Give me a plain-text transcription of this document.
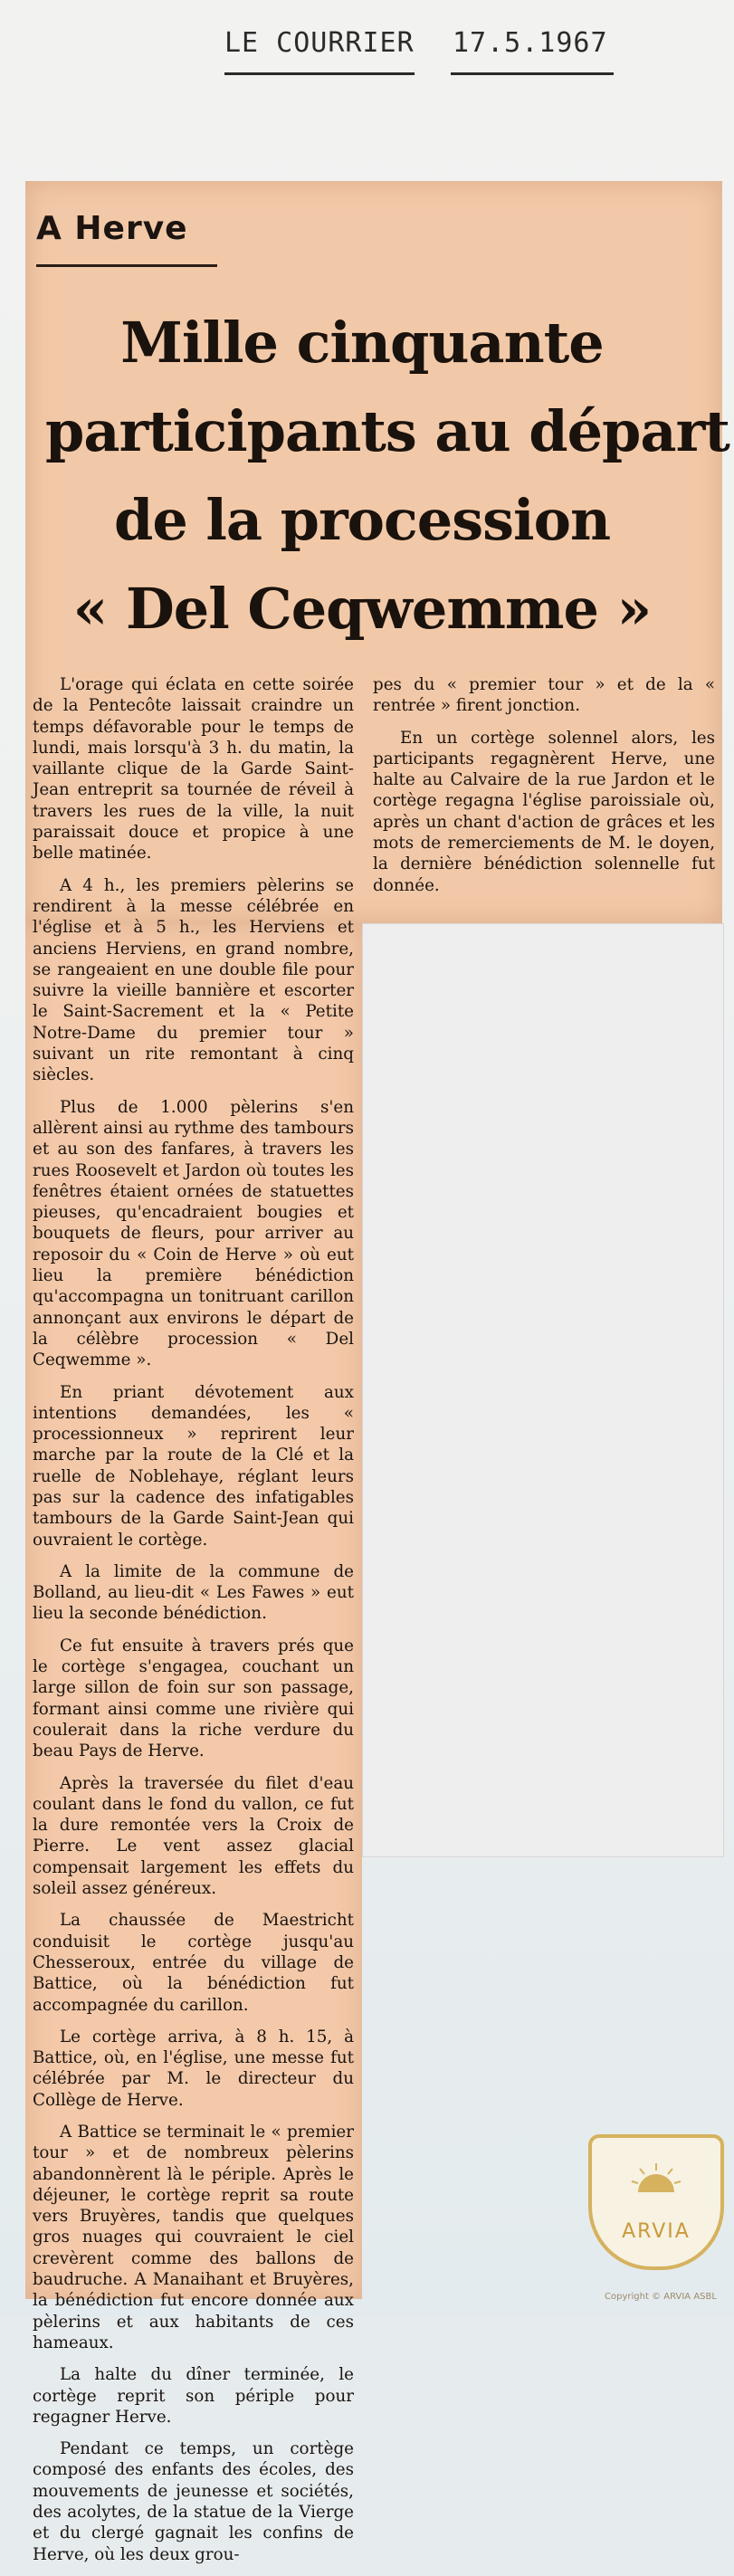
LE COURRIER 17.5.1967
A Herve
Mille cinquante
participants au départ
de la procession
« Del Ceqwemme »

L'orage qui éclata en cette soirée de la Pentecôte laissait craindre un temps défavorable pour le temps de lundi, mais lorsqu'à 3 h. du matin, la vaillante clique de la Garde Saint-Jean entreprit sa tournée de réveil à travers les rues de la ville, la nuit paraissait douce et propice à une belle matinée.

A 4 h., les premiers pèlerins se rendirent à la messe célébrée en l'église et à 5 h., les Herviens et anciens Herviens, en grand nombre, se rangeaient en une double file pour suivre la vieille bannière et escorter le Saint-Sacrement et la « Petite Notre-Dame du premier tour » suivant un rite remontant à cinq siècles.

Plus de 1.000 pèlerins s'en allèrent ainsi au rythme des tambours et au son des fanfares, à travers les rues Roosevelt et Jardon où toutes les fenêtres étaient ornées de statuettes pieuses, qu'encadraient bougies et bouquets de fleurs, pour arriver au reposoir du « Coin de Herve » où eut lieu la première bénédiction qu'accompagna un tonitruant carillon annonçant aux environs le départ de la célèbre procession « Del Ceqwemme ».

En priant dévotement aux intentions demandées, les « processionneux » reprirent leur marche par la route de la Clé et la ruelle de Noblehaye, réglant leurs pas sur la cadence des infatigables tambours de la Garde Saint-Jean qui ouvraient le cortège.

A la limite de la commune de Bolland, au lieu-dit « Les Fawes » eut lieu la seconde bénédiction.

Ce fut ensuite à travers prés que le cortège s'engagea, couchant un large sillon de foin sur son passage, formant ainsi comme une rivière qui coulerait dans la riche verdure du beau Pays de Herve.

Après la traversée du filet d'eau coulant dans le fond du vallon, ce fut la dure remontée vers la Croix de Pierre. Le vent assez glacial compensait largement les effets du soleil assez généreux.

La chaussée de Maestricht conduisit le cortège jusqu'au Chesseroux, entrée du village de Battice, où la bénédiction fut accompagnée du carillon.

Le cortège arriva, à 8 h. 15, à Battice, où, en l'église, une messe fut célébrée par M. le directeur du Collège de Herve.

A Battice se terminait le « premier tour » et de nombreux pèlerins abandonnèrent là le périple. Après le déjeuner, le cortège reprit sa route vers Bruyères, tandis que quelques gros nuages qui couvraient le ciel crevèrent comme des ballons de baudruche. A Manaihant et Bruyères, la bénédiction fut encore donnée aux pèlerins et aux habitants de ces hameaux.

La halte du dîner terminée, le cortège reprit son périple pour regagner Herve.

Pendant ce temps, un cortège composé des enfants des écoles, des mouvements de jeunesse et sociétés, des acolytes, de la statue de la Vierge et du clergé gagnait les confins de Herve, où les deux grou-

pes du « premier tour » et de la « rentrée » firent jonction.

En un cortège solennel alors, les participants regagnèrent Herve, une halte au Calvaire de la rue Jardon et le cortège regagna l'église paroissiale où, après un chant d'action de grâces et les mots de remerciements de M. le doyen, la dernière bénédiction solennelle fut donnée.

ARVIA
Copyright © ARVIA ASBL
